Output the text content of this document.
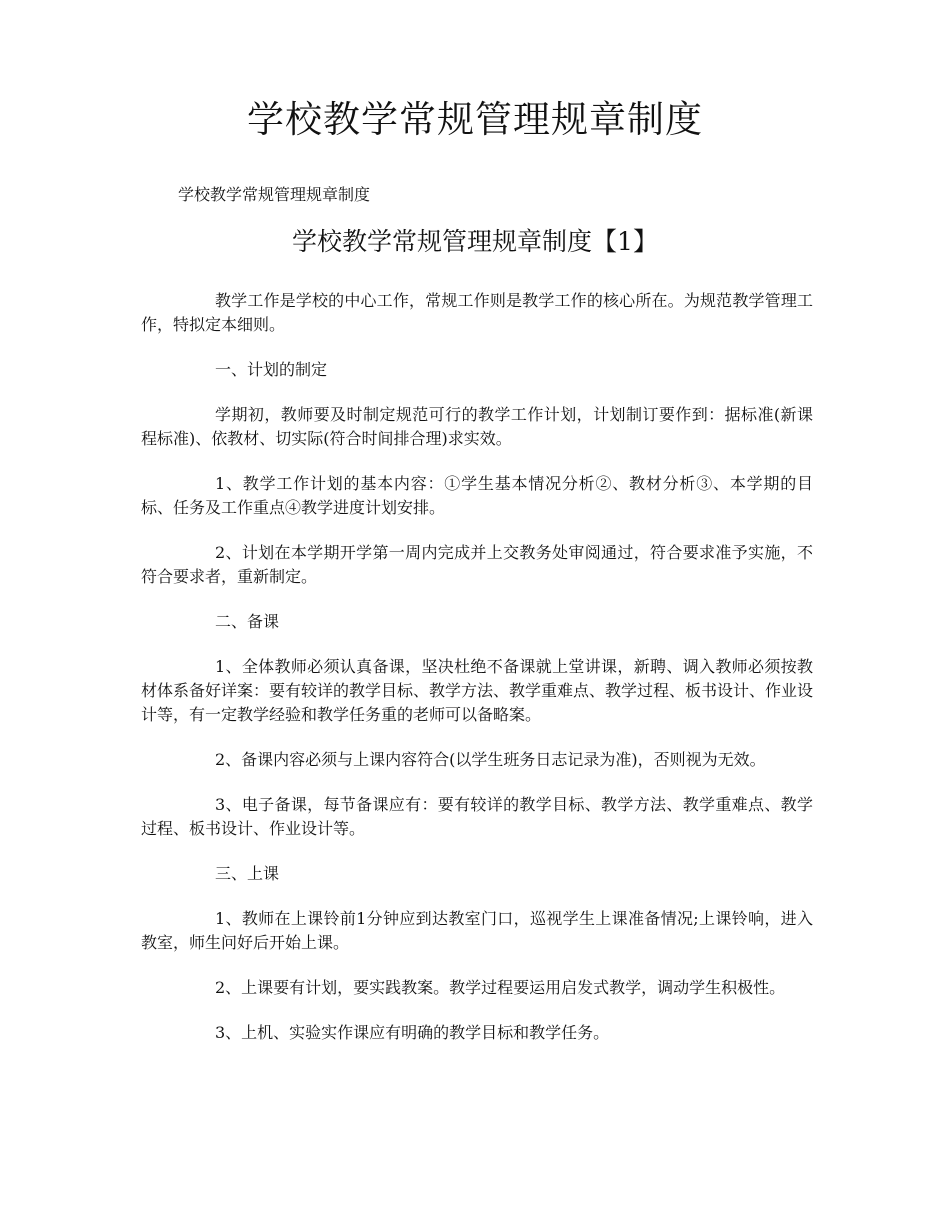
学校教学常规管理规章制度

学校教学常规管理规章制度

学校教学常规管理规章制度【1】

教学工作是学校的中心工作，常规工作则是教学工作的核心所在。为规范教学管理工作，特拟定本细则。

一、计划的制定

学期初，教师要及时制定规范可行的教学工作计划，计划制订要作到：据标准(新课程标准)、依教材、切实际(符合时间排合理)求实效。

1、教学工作计划的基本内容：①学生基本情况分析②、教材分析③、本学期的目标、任务及工作重点④教学进度计划安排。

2、计划在本学期开学第一周内完成并上交教务处审阅通过，符合要求准予实施，不符合要求者，重新制定。

二、备课

1、全体教师必须认真备课，坚决杜绝不备课就上堂讲课，新聘、调入教师必须按教材体系备好详案：要有较详的教学目标、教学方法、教学重难点、教学过程、板书设计、作业设计等，有一定教学经验和教学任务重的老师可以备略案。

2、备课内容必须与上课内容符合(以学生班务日志记录为准)，否则视为无效。

3、电子备课，每节备课应有：要有较详的教学目标、教学方法、教学重难点、教学过程、板书设计、作业设计等。

三、上课

1、教师在上课铃前1分钟应到达教室门口，巡视学生上课准备情况;上课铃响，进入教室，师生问好后开始上课。

2、上课要有计划，要实践教案。教学过程要运用启发式教学，调动学生积极性。

3、上机、实验实作课应有明确的教学目标和教学任务。
